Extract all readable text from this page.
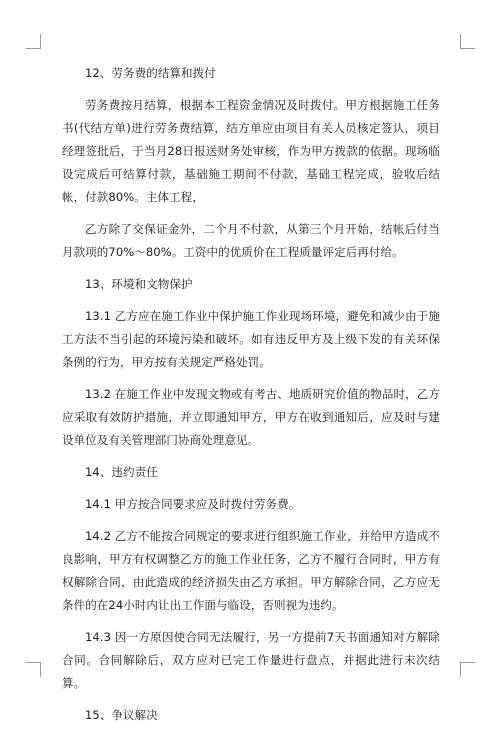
12、劳务费的结算和拨付

劳务费按月结算，根据本工程资金情况及时拨付。甲方根据施工任务书(代结方单)进行劳务费结算，结方单应由项目有关人员核定签认，项目经理签批后，于当月28日报送财务处审核，作为甲方拨款的依据。现场临设完成后可结算付款，基础施工期间不付款，基础工程完成，验收后结帐，付款80%。主体工程，

乙方除了交保证金外，二个月不付款，从第三个月开始，结帐后付当月款项的70%～80%。工资中的优质价在工程质量评定后再付给。

13、环境和文物保护

13.1 乙方应在施工作业中保护施工作业现场环境，避免和减少由于施工方法不当引起的环境污染和破坏。如有违反甲方及上级下发的有关环保条例的行为，甲方按有关规定严格处罚。

13.2 在施工作业中发现文物或有考古、地质研究价值的物品时，乙方应采取有效防护措施，并立即通知甲方，甲方在收到通知后，应及时与建设单位及有关管理部门协商处理意见。

14、违约责任

14.1 甲方按合同要求应及时拨付劳务费。

14.2 乙方不能按合同规定的要求进行组织施工作业，并给甲方造成不良影响，甲方有权调整乙方的施工作业任务，乙方不履行合同时，甲方有权解除合同，由此造成的经济损失由乙方承担。甲方解除合同，乙方应无条件的在24小时内让出工作面与临设，否则视为违约。

14.3 因一方原因使合同无法履行，另一方提前7天书面通知对方解除合同。合同解除后，双方应对已完工作量进行盘点，并据此进行末次结算。

15、争议解决
